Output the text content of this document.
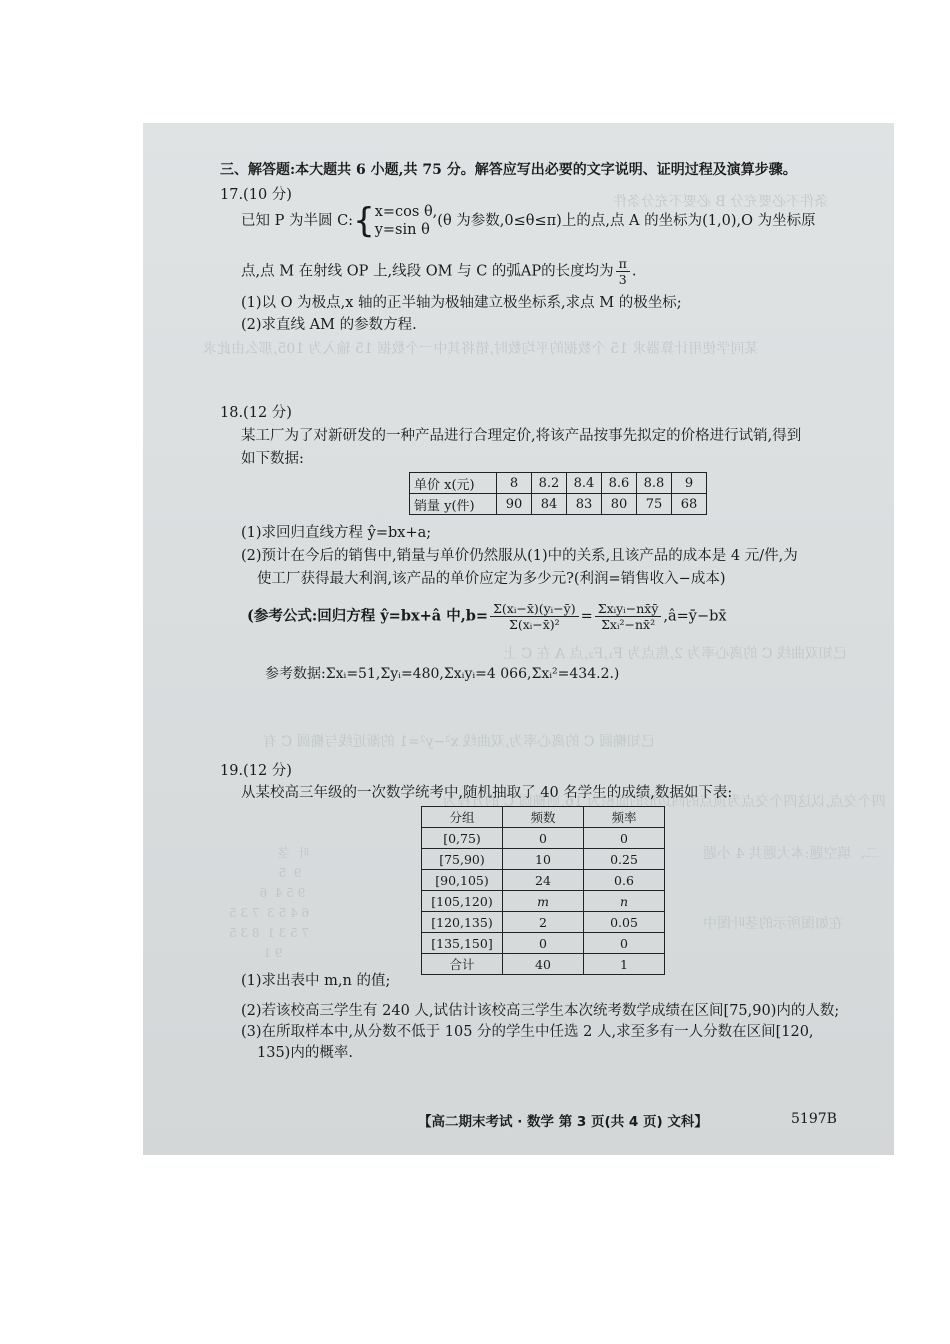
条件不必要充分 B 必要不充分条件
某同学使用计算器求 15 个数据的平均数时,错将其中一个数据 15 输入为 105,那么由此求
已知双曲线 C 的离心率为 2,焦点为 F₁,F₂,点 A 在 C 上
已知椭圆 C 的离心率为,双曲线 x²−y²=1 的渐近线与椭圆 C 有
四个交点,以这四个交点为顶点的四边形的面积为 16,则椭圆 C 的方程为
二、填空题:本大题共 4 小题
在如图所示的茎叶图中
三、解答题:本大题共 6 小题,共 75 分。解答应写出必要的文字说明、证明过程及演算步骤。
17.(10 分)
已知 P 为半圆 C:{ x=cos θ,
y=sin θ
(θ 为参数,0≤θ≤π)上的点,点 A 的坐标为(1,0),O 为坐标原
点,点 M 在射线 OP 上,线段 OM 与 C 的弧AP的长度均为 $\frac{\pi}{3}$ .
(1)以 O 为极点,x 轴的正半轴为极轴建立极坐标系,求点 M 的极坐标;
(2)求直线 AM 的参数方程.
18.(12 分)
某工厂为了对新研发的一种产品进行合理定价,将该产品按事先拟定的价格进行试销,得到
如下数据:
单价 x(元)	8	8.2	8.4	8.6	8.8	9
销量 y(件)	90	84	83	80	75	68
(1)求回归直线方程 ŷ=bx+a;
(2)预计在今后的销售中,销量与单价仍然服从(1)中的关系,且该产品的成本是 4 元/件,为
使工厂获得最大利润,该产品的单价应定为多少元?(利润=销售收入−成本)
(参考公式:回归方程 ŷ=bx+â 中$,b= \frac{\text{Σ(xᵢ−x̄)(yᵢ−ȳ)}}{\text{Σ(xᵢ−x̄)²}} = \frac{\text{Σxᵢyᵢ−nx̄ȳ}}{\text{Σxᵢ²−nx̄²}}$ ,â=ȳ−bx̄
参考数据:Σxᵢ=51,Σyᵢ=480,Σxᵢyᵢ=4 066,Σxᵢ²=434.2.)
19.(12 分)
从某校高三年级的一次数学统考中,随机抽取了 40 名学生的成绩,数据如下表:
叶  茎
9  5
9 5 4  6
6 4 5 3  7 3 5
7 5 3 1  8 3 5
9 1
分组	频数	频率
[0,75)	0	0
[75,90)	10	0.25
[90,105)	24	0.6
[105,120)	m	n
[120,135)	2	0.05
[135,150]	0	0
合计	40	1
(1)求出表中 m,n 的值;
(2)若该校高三学生有 240 人,试估计该校高三学生本次统考数学成绩在区间[75,90)内的人数;
(3)在所取样本中,从分数不低于 105 分的学生中任选 2 人,求至多有一人分数在区间[120,
135)内的概率.
【高二期末考试 · 数学 第 3 页(共 4 页) 文科】	5197B
